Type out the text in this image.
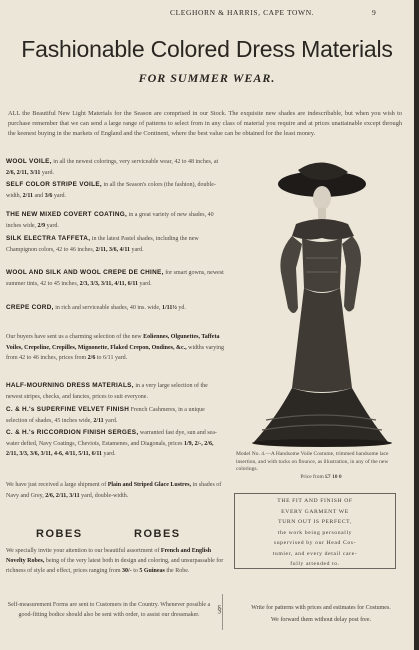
CLEGHORN & HARRIS, CAPE TOWN.	9
Fashionable Colored Dress Materials
FOR SUMMER WEAR.
ALL the Beautiful New Light Materials for the Season are comprised in our Stock. The exquisite new shades are indescribable, but when you wish to purchase remember that we can send a large range of patterns to select from in any class of material you require and at prices unattainable except through the keenest buying in the markets of England and the Continent, where the best value can be obtained for the least money.
WOOL VOILE, in all the newest colorings, very serviceable wear, 42 to 48 inches, at 2/6, 2/11, 3/11 yard.
SELF COLOR STRIPE VOILE, in all the Season's colors (the fashion), double-width, 2/11 and 3/6 yard.
THE NEW MIXED COVERT COATING, in a great variety of new shades, 40 inches wide, 2/9 yard.
SILK ELECTRA TAFFETA, in the latest Pastel shades, including the new Champignon colors, 42 to 46 inches, 2/11, 3/6, 4/11 yard.
WOOL AND SILK AND WOOL CREPE DE CHINE, for smart gowns, newest summer tints, 42 to 45 inches, 2/3, 3/3, 3/11, 4/11, 6/11 yard.
CREPE CORD, in rich and serviceable shades, 40 ins. wide, 1/11½ yd.
Our buyers have sent us a charming selection of the new Eoliennes, Olgunettes, Taffeta Voiles, Crepeline, Crepilles, Mignonette, Flaked Crepon, Ondines, &c., widths varying from 42 to 46 inches, prices from 2/6 to 6/11 yard.
HALF-MOURNING DRESS MATERIALS, in a very large selection of the newest stripes, checks, and fancies, prices to suit everyone.
C. & H.'s SUPERFINE VELVET FINISH French Cashmeres, in a unique selection of shades, 45 inches wide, 2/11 yard.
C. & H.'s RICCORDION FINISH SERGES, warranted fast dye, sun and sea-water defied, Navy Coatings, Cheviots, Estamenes, and Diagonals, prices 1/9, 2/-, 2/6, 2/11, 3/3, 3/6, 3/11, 4-6, 4/11, 5/11, 6/11 yard.
We have just received a large shipment of Plain and Striped Glace Lustres, in shades of Navy and Grey, 2/6, 2/11, 3/11 yard, double-width.
ROBES	ROBES
We specially invite your attention to our beautiful assortment of French and English Novelty Robes, being of the very latest both in design and coloring, and unsurpassable for richness of style and effect, prices ranging from 30/- to 5 Guineas the Robe.
Model No. 4.—A Handsome Voile Costume, trimmed handsome lace insertion, and with tucks on flounce, as illustration, in any of the new colorings.
Price from £7 10 0
THE FIT AND FINISH OF
EVERY GARMENT WE
TURN OUT IS PERFECT,
the work being personally
supervised by our Head Cos-
tumier, and every detail care-
fully attended to.
Self-measurement Forms are sent to Customers in the Country. Whenever possible a good-fitting bodice should also be sent with order, to assist our dressmaker.	§	Write for patterns with prices and estimates for Costumes.
We forward them without delay post free.
